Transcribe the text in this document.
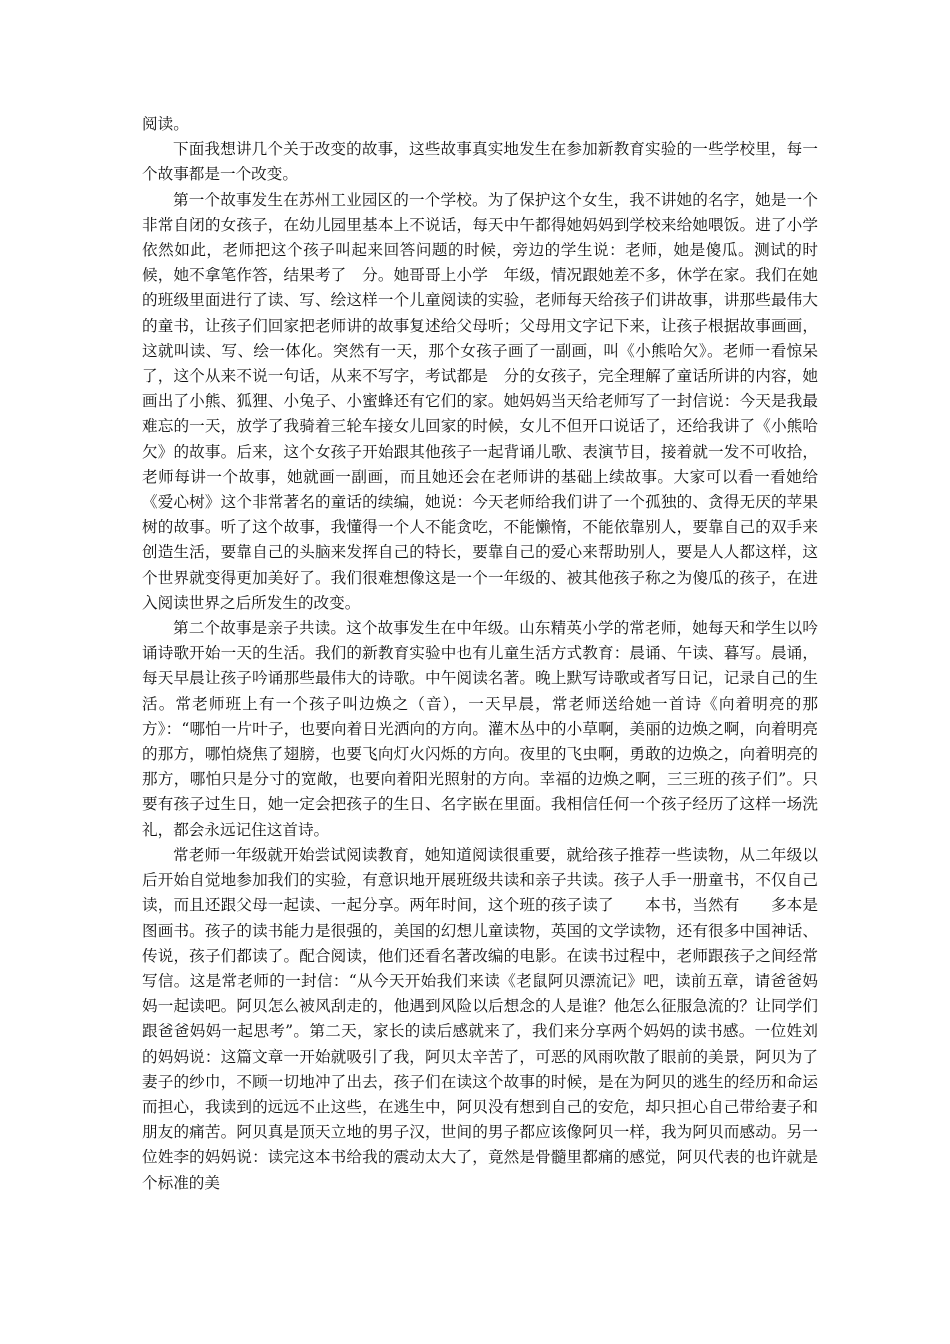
阅读。

下面我想讲几个关于改变的故事，这些故事真实地发生在参加新教育实验的一些学校里，每一个故事都是一个改变。

第一个故事发生在苏州工业园区的一个学校。为了保护这个女生，我不讲她的名字，她是一个非常自闭的女孩子，在幼儿园里基本上不说话，每天中午都得她妈妈到学校来给她喂饭。进了小学依然如此，老师把这个孩子叫起来回答问题的时候，旁边的学生说：老师，她是傻瓜。测试的时候，她不拿笔作答，结果考了　分。她哥哥上小学　年级，情况跟她差不多，休学在家。我们在她的班级里面进行了读、写、绘这样一个儿童阅读的实验，老师每天给孩子们讲故事，讲那些最伟大的童书，让孩子们回家把老师讲的故事复述给父母听；父母用文字记下来，让孩子根据故事画画，这就叫读、写、绘一体化。突然有一天，那个女孩子画了一副画，叫《小熊哈欠》。老师一看惊呆了，这个从来不说一句话，从来不写字，考试都是　分的女孩子，完全理解了童话所讲的内容，她画出了小熊、狐狸、小兔子、小蜜蜂还有它们的家。她妈妈当天给老师写了一封信说：今天是我最难忘的一天，放学了我骑着三轮车接女儿回家的时候，女儿不但开口说话了，还给我讲了《小熊哈欠》的故事。后来，这个女孩子开始跟其他孩子一起背诵儿歌、表演节目，接着就一发不可收拾，老师每讲一个故事，她就画一副画，而且她还会在老师讲的基础上续故事。大家可以看一看她给《爱心树》这个非常著名的童话的续编，她说：今天老师给我们讲了一个孤独的、贪得无厌的苹果树的故事。听了这个故事，我懂得一个人不能贪吃，不能懒惰，不能依靠别人，要靠自己的双手来创造生活，要靠自己的头脑来发挥自己的特长，要靠自己的爱心来帮助别人，要是人人都这样，这个世界就变得更加美好了。我们很难想像这是一个一年级的、被其他孩子称之为傻瓜的孩子，在进入阅读世界之后所发生的改变。

第二个故事是亲子共读。这个故事发生在中年级。山东精英小学的常老师，她每天和学生以吟诵诗歌开始一天的生活。我们的新教育实验中也有儿童生活方式教育：晨诵、午读、暮写。晨诵，每天早晨让孩子吟诵那些最伟大的诗歌。中午阅读名著。晚上默写诗歌或者写日记，记录自己的生活。常老师班上有一个孩子叫边焕之（音），一天早晨，常老师送给她一首诗《向着明亮的那方》：“哪怕一片叶子，也要向着日光洒向的方向。灌木丛中的小草啊，美丽的边焕之啊，向着明亮的那方，哪怕烧焦了翅膀，也要飞向灯火闪烁的方向。夜里的飞虫啊，勇敢的边焕之，向着明亮的那方，哪怕只是分寸的宽敞，也要向着阳光照射的方向。幸福的边焕之啊，三三班的孩子们”。只要有孩子过生日，她一定会把孩子的生日、名字嵌在里面。我相信任何一个孩子经历了这样一场洗礼，都会永远记住这首诗。

常老师一年级就开始尝试阅读教育，她知道阅读很重要，就给孩子推荐一些读物，从二年级以后开始自觉地参加我们的实验，有意识地开展班级共读和亲子共读。孩子人手一册童书，不仅自己读，而且还跟父母一起读、一起分享。两年时间，这个班的孩子读了　　本书，当然有　　多本是图画书。孩子的读书能力是很强的，美国的幻想儿童读物，英国的文学读物，还有很多中国神话、传说，孩子们都读了。配合阅读，他们还看名著改编的电影。在读书过程中，老师跟孩子之间经常写信。这是常老师的一封信：“从今天开始我们来读《老鼠阿贝漂流记》吧，读前五章，请爸爸妈妈一起读吧。阿贝怎么被风刮走的，他遇到风险以后想念的人是谁？他怎么征服急流的？让同学们跟爸爸妈妈一起思考”。第二天，家长的读后感就来了，我们来分享两个妈妈的读书感。一位姓刘的妈妈说：这篇文章一开始就吸引了我，阿贝太辛苦了，可恶的风雨吹散了眼前的美景，阿贝为了妻子的纱巾，不顾一切地冲了出去，孩子们在读这个故事的时候，是在为阿贝的逃生的经历和命运而担心，我读到的远远不止这些，在逃生中，阿贝没有想到自己的安危，却只担心自己带给妻子和朋友的痛苦。阿贝真是顶天立地的男子汉，世间的男子都应该像阿贝一样，我为阿贝而感动。另一位姓李的妈妈说：读完这本书给我的震动太大了，竟然是骨髓里都痛的感觉，阿贝代表的也许就是个标准的美
